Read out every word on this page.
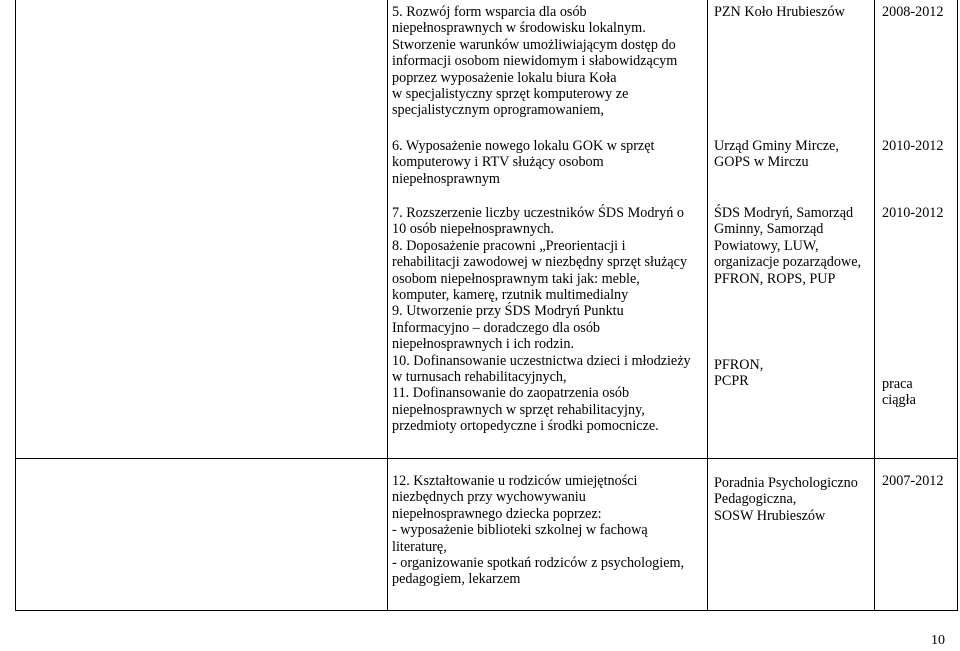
5. Rozwój form wsparcia dla osób
niepełnosprawnych w środowisku lokalnym.
Stworzenie warunków umożliwiającym dostęp do
informacji osobom niewidomym i słabowidzącym
poprzez wyposażenie lokalu biura Koła
w specjalistyczny sprzęt komputerowy ze
specjalistycznym oprogramowaniem,
PZN Koło Hrubieszów	2008-2012
6. Wyposażenie nowego lokalu GOK w sprzęt
komputerowy i RTV służący osobom
niepełnosprawnym
Urząd Gminy Mircze,
GOPS w Mirczu
2010-2012
7. Rozszerzenie liczby uczestników ŚDS Modryń o
10 osób niepełnosprawnych.
8. Doposażenie pracowni „Preorientacji i
rehabilitacji zawodowej w niezbędny sprzęt służący
osobom niepełnosprawnym taki jak: meble,
komputer, kamerę, rzutnik multimedialny
9. Utworzenie przy ŚDS Modryń Punktu
Informacyjno – doradczego dla osób
niepełnosprawnych i ich rodzin.
10. Dofinansowanie uczestnictwa dzieci i młodzieży
w turnusach rehabilitacyjnych,
11. Dofinansowanie do zaopatrzenia osób
niepełnosprawnych w sprzęt rehabilitacyjny,
przedmioty ortopedyczne i środki pomocnicze.
ŚDS Modryń, Samorząd
Gminny, Samorząd
Powiatowy, LUW,
organizacje pozarządowe,
PFRON, ROPS, PUP
2010-2012
PFRON,
PCPR	praca
ciągła
12. Kształtowanie u rodziców umiejętności
niezbędnych przy wychowywaniu
niepełnosprawnego dziecka poprzez:
- wyposażenie biblioteki szkolnej w fachową
literaturę,
- organizowanie spotkań rodziców z psychologiem,
pedagogiem, lekarzem
Poradnia Psychologiczno
Pedagogiczna,
SOSW Hrubieszów
2007-2012
10
